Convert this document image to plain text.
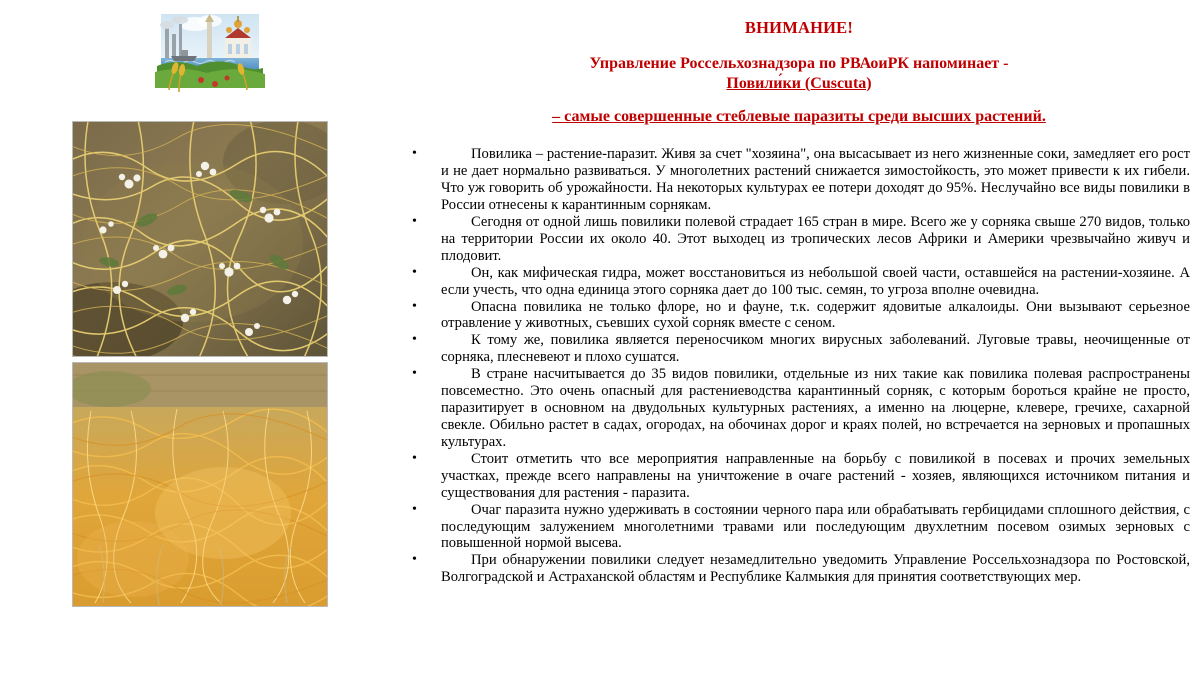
ВНИМАНИЕ!
Управление Россельхознадзора по РВАоиРК напоминает -
Повили́ки (Cuscuta)
– самые совершенные стеблевые паразиты среди высших растений.
•	Повилика – растение-паразит. Живя за счет "хозяина", она высасывает из него жизненные соки, замедляет его рост и не дает нормально развиваться. У многолетних растений снижается зимостойкость, это может привести к их гибели. Что уж говорить об урожайности. На некоторых культурах ее потери доходят до 95%. Неслучайно все виды повилики в России отнесены к карантинным сорнякам.
•	Сегодня от одной лишь повилики полевой страдает 165 стран в мире. Всего же у сорняка свыше 270 видов, только на территории России их около 40. Этот выходец из тропических лесов Африки и Америки чрезвычайно живуч и плодовит.
•	Он, как мифическая гидра, может восстановиться из небольшой своей части, оставшейся на растении-хозяине. А если учесть, что одна единица этого сорняка дает до 100 тыс. семян, то угроза вполне очевидна.
•	Опасна повилика не только флоре, но и фауне, т.к. содержит ядовитые алкалоиды. Они вызывают серьезное отравление у животных, съевших сухой сорняк вместе с сеном.
•	К тому же, повилика является переносчиком многих вирусных заболеваний. Луговые травы, неочищенные от сорняка, плесневеют и плохо сушатся.
•	В стране насчитывается до 35 видов повилики, отдельные из них такие как повилика полевая распространены повсеместно. Это очень опасный для растениеводства карантинный сорняк, с которым бороться крайне не просто, паразитирует в основном на двудольных культурных растениях, а именно на люцерне, клевере, гречихе, сахарной свекле. Обильно растет в садах, огородах, на обочинах дорог и краях полей, но встречается на зерновых и пропашных культурах.
•	Стоит отметить что все мероприятия направленные на борьбу с повиликой в посевах и прочих земельных участках, прежде всего направлены на уничтожение в очаге растений - хозяев, являющихся источником питания и существования для растения - паразита.
•	Очаг паразита нужно удерживать в состоянии черного пара или обрабатывать гербицидами сплошного действия, с последующим залужением многолетними травами или последующим двухлетним посевом озимых зерновых с повышенной нормой высева.
•	При обнаружении повилики следует незамедлительно уведомить Управление Россельхознадзора по Ростовской, Волгоградской и Астраханской областям и Республике Калмыкия для принятия соответствующих мер.
